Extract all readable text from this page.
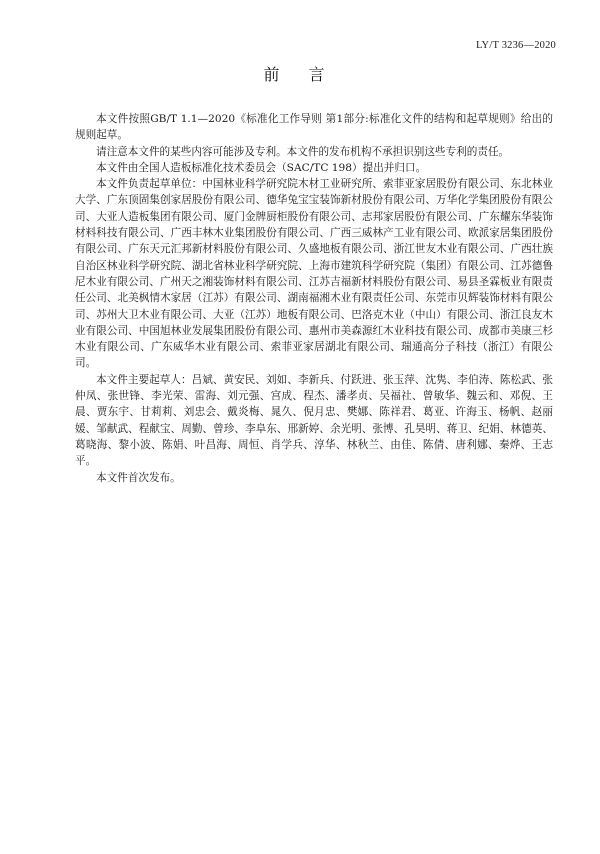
LY/T 3236—2020
前 言

本文件按照GB/T 1.1—2020《标准化工作导则 第1部分:标准化文件的结构和起草规则》给出的规则起草。

请注意本文件的某些内容可能涉及专利。本文件的发布机构不承担识别这些专利的责任。

本文件由全国人造板标准化技术委员会（SAC/TC 198）提出并归口。

本文件负责起草单位：中国林业科学研究院木材工业研究所、索菲亚家居股份有限公司、东北林业大学、广东顶固集创家居股份有限公司、德华兔宝宝装饰新材股份有限公司、万华化学集团股份有限公司、大亚人造板集团有限公司、厦门金牌厨柜股份有限公司、志邦家居股份有限公司、广东耀东华装饰材料科技有限公司、广西丰林木业集团股份有限公司、广西三威林产工业有限公司、欧派家居集团股份有限公司、广东天元汇邦新材料股份有限公司、久盛地板有限公司、浙江世友木业有限公司、广西壮族自治区林业科学研究院、湖北省林业科学研究院、上海市建筑科学研究院（集团）有限公司、江苏德鲁尼木业有限公司、广州天之湘装饰材料有限公司、江苏吉福新材料股份有限公司、易县圣霖板业有限责任公司、北美枫情木家居（江苏）有限公司、湖南福湘木业有限责任公司、东莞市贝辉装饰材料有限公司、苏州大卫木业有限公司、大亚（江苏）地板有限公司、巴洛克木业（中山）有限公司、浙江良友木业有限公司、中国旭林业发展集团股份有限公司、惠州市美森源红木业科技有限公司、成都市美康三杉木业有限公司、广东威华木业有限公司、索菲亚家居湖北有限公司、瑞通高分子科技（浙江）有限公司。

本文件主要起草人：吕斌、黄安民、刘如、李新兵、付跃进、张玉萍、沈隽、李伯涛、陈松武、张仲凤、张世锋、李光荣、雷海、刘元强、宫成、程杰、潘孝贞、吴福社、曾敏华、魏云和、邓倪、王晨、贾东宇、甘莉莉、刘忠会、戴炎梅、晁久、倪月忠、樊娜、陈祥君、葛亚、许海玉、杨帆、赵丽媛、邹献武、程献宝、周勤、曾珍、李阜东、邢新婷、余光明、张博、孔昊明、蒋卫、纪娟、林德英、葛晓海、黎小波、陈娟、叶昌海、周恒、肖学兵、淳华、林秋兰、由佳、陈倩、唐利娜、秦烨、王志平。

本文件首次发布。
